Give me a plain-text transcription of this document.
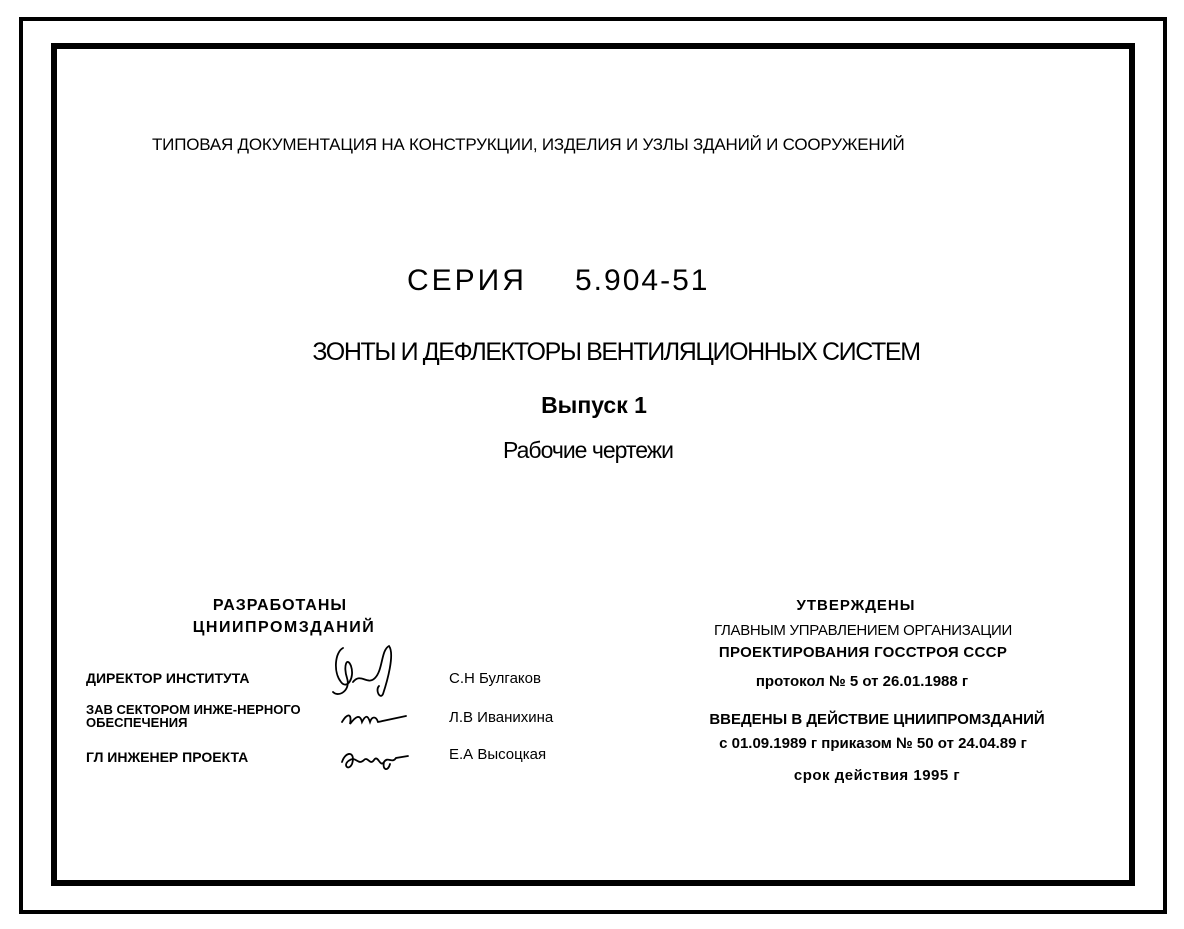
ТИПОВАЯ ДОКУМЕНТАЦИЯ НА КОНСТРУКЦИИ, ИЗДЕЛИЯ И УЗЛЫ ЗДАНИЙ И СООРУЖЕНИЙ
СЕРИЯ 5.904-51
ЗОНТЫ И ДЕФЛЕКТОРЫ ВЕНТИЛЯЦИОННЫХ СИСТЕМ
Выпуск 1
Рабочие чертежи
РАЗРАБОТАНЫ
ЦНИИПРОМЗДАНИЙ
ДИРЕКТОР ИНСТИТУТА
ЗАВ СЕКТОРОМ ИНЖЕ-НЕРНОГО ОБЕСПЕЧЕНИЯ
ГЛ ИНЖЕНЕР ПРОЕКТА
С.Н Булгаков
Л.В Иванихина
Е.А Высоцкая
УТВЕРЖДЕНЫ
ГЛАВНЫМ УПРАВЛЕНИЕМ ОРГАНИЗАЦИИ
ПРОЕКТИРОВАНИЯ ГОССТРОЯ СССР
протокол № 5 от 26.01.1988 г
ВВЕДЕНЫ В ДЕЙСТВИЕ ЦНИИПРОМЗДАНИЙ
с 01.09.1989 г приказом № 50 от 24.04.89 г
срок действия 1995 г
